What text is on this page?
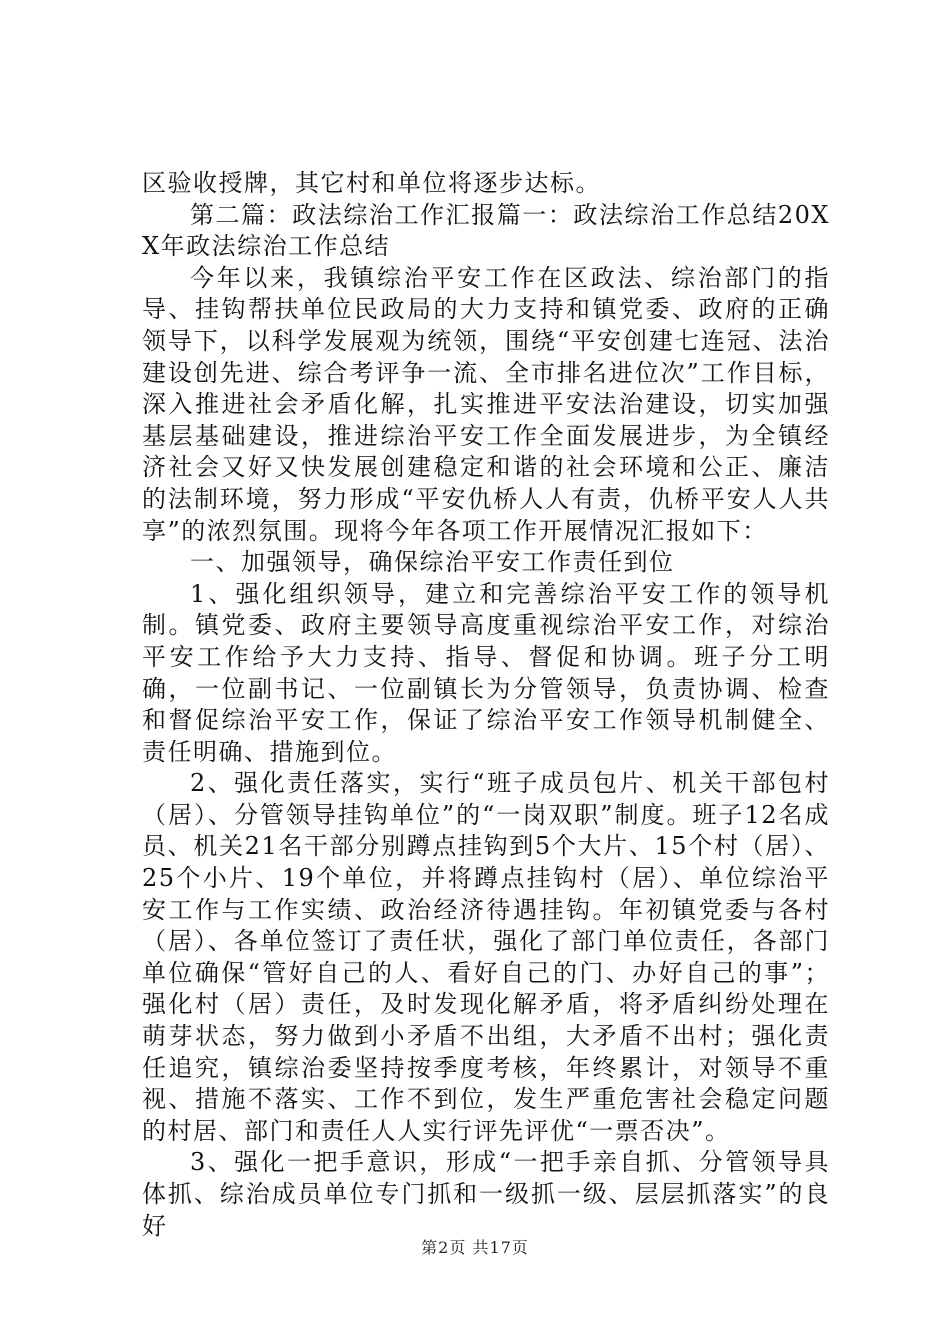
区验收授牌，其它村和单位将逐步达标。

第二篇：政法综治工作汇报篇一：政法综治工作总结20XX年政法综治工作总结

今年以来，我镇综治平安工作在区政法、综治部门的指导、挂钩帮扶单位民政局的大力支持和镇党委、政府的正确领导下，以科学发展观为统领，围绕“平安创建七连冠、法治建设创先进、综合考评争一流、全市排名进位次”工作目标，深入推进社会矛盾化解，扎实推进平安法治建设，切实加强基层基础建设，推进综治平安工作全面发展进步，为全镇经济社会又好又快发展创建稳定和谐的社会环境和公正、廉洁的法制环境，努力形成“平安仇桥人人有责，仇桥平安人人共享”的浓烈氛围。现将今年各项工作开展情况汇报如下：

一、加强领导，确保综治平安工作责任到位

1、强化组织领导，建立和完善综治平安工作的领导机制。镇党委、政府主要领导高度重视综治平安工作，对综治平安工作给予大力支持、指导、督促和协调。班子分工明确，一位副书记、一位副镇长为分管领导，负责协调、检查和督促综治平安工作，保证了综治平安工作领导机制健全、责任明确、措施到位。

2、强化责任落实，实行“班子成员包片、机关干部包村（居）、分管领导挂钩单位”的“一岗双职”制度。班子12名成员、机关21名干部分别蹲点挂钩到5个大片、15个村（居）、25个小片、19个单位，并将蹲点挂钩村（居）、单位综治平安工作与工作实绩、政治经济待遇挂钩。年初镇党委与各村（居）、各单位签订了责任状，强化了部门单位责任，各部门单位确保“管好自己的人、看好自己的门、办好自己的事”；强化村（居）责任，及时发现化解矛盾，将矛盾纠纷处理在萌芽状态，努力做到小矛盾不出组，大矛盾不出村；强化责任追究，镇综治委坚持按季度考核，年终累计，对领导不重视、措施不落实、工作不到位，发生严重危害社会稳定问题的村居、部门和责任人人实行评先评优“一票否决”。

3、强化一把手意识，形成“一把手亲自抓、分管领导具体抓、综治成员单位专门抓和一级抓一级、层层抓落实”的良好

第2页 共17页
